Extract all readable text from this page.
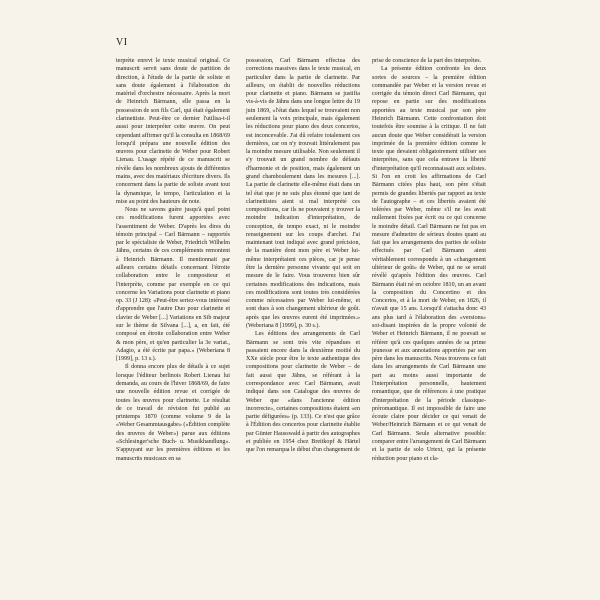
VI

terprète enrevt le texte musical original. Ce manuscrit servit sans doute de partition de direction, à l'étude de la partie de soliste et sans doute également à l'élaboration du matériel d'orchestre nécessaire. Après la mort de Heinrich Bärmann, elle passa en la possession de son fils Carl, qui était également clarinettiste. Peut-être ce dernier l'utilisa-t-il aussi pour interpréter cette œuvre. On peut cependant affirmer qu'il la consulta en 1868/69 lorsqu'il prépara une nouvelle édition des œuvres pour clarinette de Weber pour Robert Lienau. L'usage répété de ce manuscrit se révèle dans les nombreux ajouts de différentes mains, avec des matériaux d'écriture divers. Ils concernent dans la partie de soliste avant tout la dynamique, le tempo, l'articulation et la mise au point des hauteurs de note.

Nous ne savons guère jusqu'à quel point ces modifications furent apportées avec l'assentiment de Weber. D'après les dires du témoin principal – Carl Bärmann – rapportés par le spécialiste de Weber, Friedrich Wilhelm Jähns, certains de ces compléments remontent à Heinrich Bärmann. Il mentionnait par ailleurs certains détails concernant l'étroite collaboration entre le compositeur et l'interprète, comme par exemple en ce qui concerne les Variations pour clarinette et piano op. 33 (J 128): «Peut-être seriez-vous intéressé d'apprendre que l'autre Duo pour clarinette et clavier de Weber [...] Variations en Sib majeur sur le thème de Silvana [...], a, en fait, été composé en étroite collaboration entre Weber & mon père, et qu'en particulier la 3e variat., Adagio, a été écrite par papa.» (Weberiana 8 [1999], p. 13 s.).

Il donna encore plus de détails à ce sujet lorsque l'éditeur berlinois Robert Lienau lui demanda, au cours de l'hiver 1868/69, de faire une nouvelle édition revue et corrigée de toutes les œuvres pour clarinette. Le résultat de ce travail de révision fut publié au printemps 1870 (comme volume 9 de la «Weber Gesammtausgabe» («Édition complète des œuvres de Weber») parue aux éditions «Schlesinger'sche Buch- u. Musikhandlung». S'appuyant sur les premières éditions et les manuscrits musicaux en sa

possession, Carl Bärmann effectua des corrections massives dans le texte musical, en particulier dans la partie de clarinette. Par ailleurs, on établit de nouvelles réductions pour clarinette et piano. Bärmann se justifia vis-à-vis de Jähns dans une longue lettre du 19 juin 1869, «l'état dans lequel se trouvaient non seulement la voix principale, mais également les réductions pour piano des deux concertos, est inconcevable. J'ai dû refaire totalement ces dernières, car on n'y trouvait littéralement pas la moindre mesure utilisable. Non seulement il s'y trouvait un grand nombre de défauts d'harmonie et de position, mais également un grand chamboulement dans les mesures [...]. La partie de clarinette elle-même était dans un tel état que je ne suis plus étonné que tant de clarinettistes aient si mal interprété ces compositions, car ils ne pouvaient y trouver la moindre indication d'interprétation, de conception, de tempo exact, ni le moindre renseignement sur les coups d'archet. J'ai maintenant tout indiqué avec grand précision, de la manière dont mon père et Weber lui-même interprétaient ces pièces, car je pense être la dernière personne vivante qui soit en mesure de le faire. Vous trouverez bien sûr certaines modifications des indications, mais ces modifications sont toutes très considérées comme nécessaires par Weber lui-même, et sont dues à son changement ultérieur de goût. après que les œuvres eurent été imprimées.» (Weberiana 8 [1999], p. 30 s.).

Les éditions des arrangements de Carl Bärmann se sont très vite répandues et passaient encore dans la deuxième moitié du XXe siècle pour être le texte authentique des compositions pour clarinette de Weber – de fait aussi que Jähns, se référant à la correspondance avec Carl Bärmann, avait indiqué dans son Catalogue des œuvres de Weber que «dans l'ancienne édition incorrecte», certaines compositions étaient «en partie défigurées» (p. 133). Ce n'est que grâce à l'Édition des concertos pour clarinette établie par Günter Hausswald à partir des autographes et publiée en 1954 chez Breitkopf & Härtel que l'on remarqua le début d'un changement de

prise de conscience de la part des interprètes.

La présente édition confronte les deux sortes de sources – la première édition commandée par Weber et la version revue et corrigée du témoin direct Carl Bärmann, qui repose en partie sur des modifications apportées au texte musical par son père Heinrich Bärmann. Cette confrontation doit toutefois être soumise à la critique. Il ne fait aucun doute que Weber considérait la version imprimée de la première édition comme le texte que devaient obligatoirement utiliser ses interprètes, sans que cela entrave la liberté d'interprétation qu'il reconnaissait aux solistes. Si l'on en croit les affirmations de Carl Bärmann citées plus haut, son père s'était permis de grandes libertés par rapport au texte de l'autographe – et ces libertés avaient été tolérées par Weber, même s'il ne les avait nullement fixées par écrit ou ce qui concerne le moindre détail. Carl Bärmann ne fut pas en mesure d'admettre de sérieux doutes quant au fait que les arrangements des parties de soliste effectués par Carl Bärmann aient véritablement correspondu à un «changement ultérieur de goût» de Weber, qui ne se serait révélé qu'après l'édition des œuvres. Carl Bärmann était né en octobre 1810, un an avant la composition du Concertino et des Concertos, et à la mort de Weber, en 1826, il n'avait que 15 ans. Lorsqu'il s'attacha donc 43 ans plus tard à l'élaboration des «versions» soi-disant inspirées de la propre volonté de Weber et Heinrich Bärmann, il ne pouvait se référer qu'à ces quelques années de sa prime jeunesse et aux annotations apportées par son père dans les manuscrits. Nous trouvons ce fait dans les arrangements de Carl Bärmann une part au moins aussi importante de l'interprétation personnelle, hautement romantique, que de références à une pratique d'interprétation de la période classique-préromantique. Il est impossible de faire une écoute claire pour décider ce qui venait de Weber/Heinrich Bärmann et ce qui venait de Carl Bärmann. Seule alternative possible: comparer entre l'arrangement de Carl Bärmann et la partie de solo Urtext, qui la présente réduction pour piano et cla-
